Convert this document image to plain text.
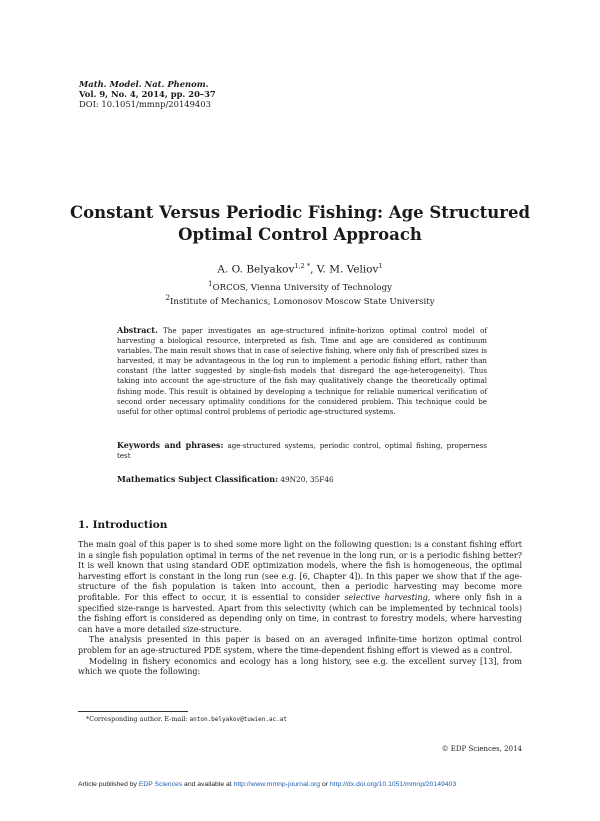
Math. Model. Nat. Phenom.
Vol. 9, No. 4, 2014, pp. 20–37
DOI: 10.1051/mmnp/20149403
Constant Versus Periodic Fishing: Age Structured
Optimal Control Approach
A. O. Belyakov$^{1,2 *}$, V. M. Veliov$^1$
$^1$ORCOS, Vienna University of Technology
$^2$Institute of Mechanics, Lomonosov Moscow State University
Abstract. The paper investigates an age-structured infinite-horizon optimal control model of harvesting a biological resource, interpreted as fish. Time and age are considered as continuum variables. The main result shows that in case of selective fishing, where only fish of prescribed sizes is harvested, it may be advantageous in the log run to implement a periodic fishing effort, rather than constant (the latter suggested by single-fish models that disregard the age-heterogeneity). Thus taking into account the age-structure of the fish may qualitatively change the theoretically optimal fishing mode. This result is obtained by developing a technique for reliable numerical verification of second order necessary optimality conditions for the considered problem. This technique could be useful for other optimal control problems of periodic age-structured systems.
Keywords and phrases: age-structured systems, periodic control, optimal fishing, properness test
Mathematics Subject Classification: 49N20, 35F46
1. Introduction

The main goal of this paper is to shed some more light on the following question: is a constant fishing effort in a single fish population optimal in terms of the net revenue in the long run, or is a periodic fishing better? It is well known that using standard ODE optimization models, where the fish is homogeneous, the optimal harvesting effort is constant in the long run (see e.g. [6, Chapter 4]). In this paper we show that if the age-structure of the fish population is taken into account, then a periodic harvesting may become more profitable. For this effect to occur, it is essential to consider selective harvesting, where only fish in a specified size-range is harvested. Apart from this selectivity (which can be implemented by technical tools) the fishing effort is considered as depending only on time, in contrast to forestry models, where harvesting can have a more detailed size-structure.

The analysis presented in this paper is based on an averaged infinite-time horizon optimal control problem for an age-structured PDE system, where the time-dependent fishing effort is viewed as a control.

Modeling in fishery economics and ecology has a long history, see e.g. the excellent survey [13], from which we quote the following:

*Corresponding author. E-mail: anton.belyakov@tuwien.ac.at
© EDP Sciences, 2014
Article published by EDP Sciences and available at http://www.mmnp-journal.org or http://dx.doi.org/10.1051/mmnp/20149403
